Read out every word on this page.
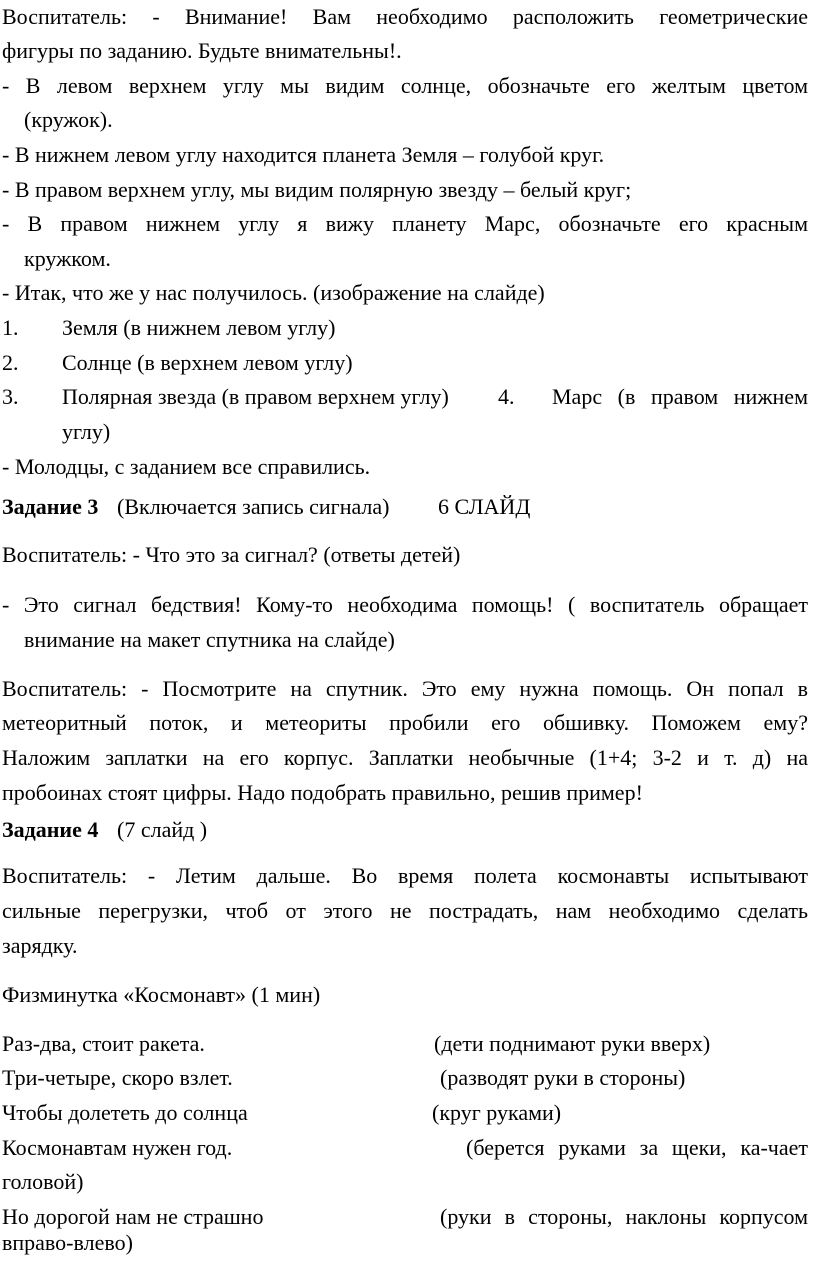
Воспитатель: - Внимание! Вам необходимо расположить геометрические
фигуры по заданию. Будьте внимательны!.
- В левом верхнем углу мы видим солнце, обозначьте его желтым цветом
(кружок).
- В нижнем левом углу находится планета Земля – голубой круг.
- В правом верхнем углу, мы видим полярную звезду – белый круг;
- В правом нижнем углу я вижу планету Марс, обозначьте его красным
кружком.
- Итак, что же у нас получилось. (изображение на слайде)
1. Земля (в нижнем левом углу)
2. Солнце (в верхнем левом углу)
3. Полярная звезда (в правом верхнем углу) 4. Марс (в правом нижнем
углу)
- Молодцы, с заданием все справились.
Задание 3 (Включается запись сигнала) 6 СЛАЙД
Воспитатель: - Что это за сигнал? (ответы детей)
- Это сигнал бедствия! Кому-то необходима помощь! ( воспитатель обращает
внимание на макет спутника на слайде)
Воспитатель: - Посмотрите на спутник. Это ему нужна помощь. Он попал в
метеоритный поток, и метеориты пробили его обшивку. Поможем ему?
Наложим заплатки на его корпус. Заплатки необычные (1+4; 3-2 и т. д) на
пробоинах стоят цифры. Надо подобрать правильно, решив пример!
Задание 4 (7 слайд )
Воспитатель: - Летим дальше. Во время полета космонавты испытывают
сильные перегрузки, чтоб от этого не пострадать, нам необходимо сделать
зарядку.
Физминутка «Космонавт» (1 мин)
Раз-два, стоит ракета.	(дети поднимают руки вверх)
Три-четыре, скоро взлет.	(разводят руки в стороны)
Чтобы долететь до солнца	(круг руками)
Космонавтам нужен год.	(берется руками за щеки, ка-чает
головой)
Но дорогой нам не страшно	(руки в стороны, наклоны корпусом
вправо-влево)
